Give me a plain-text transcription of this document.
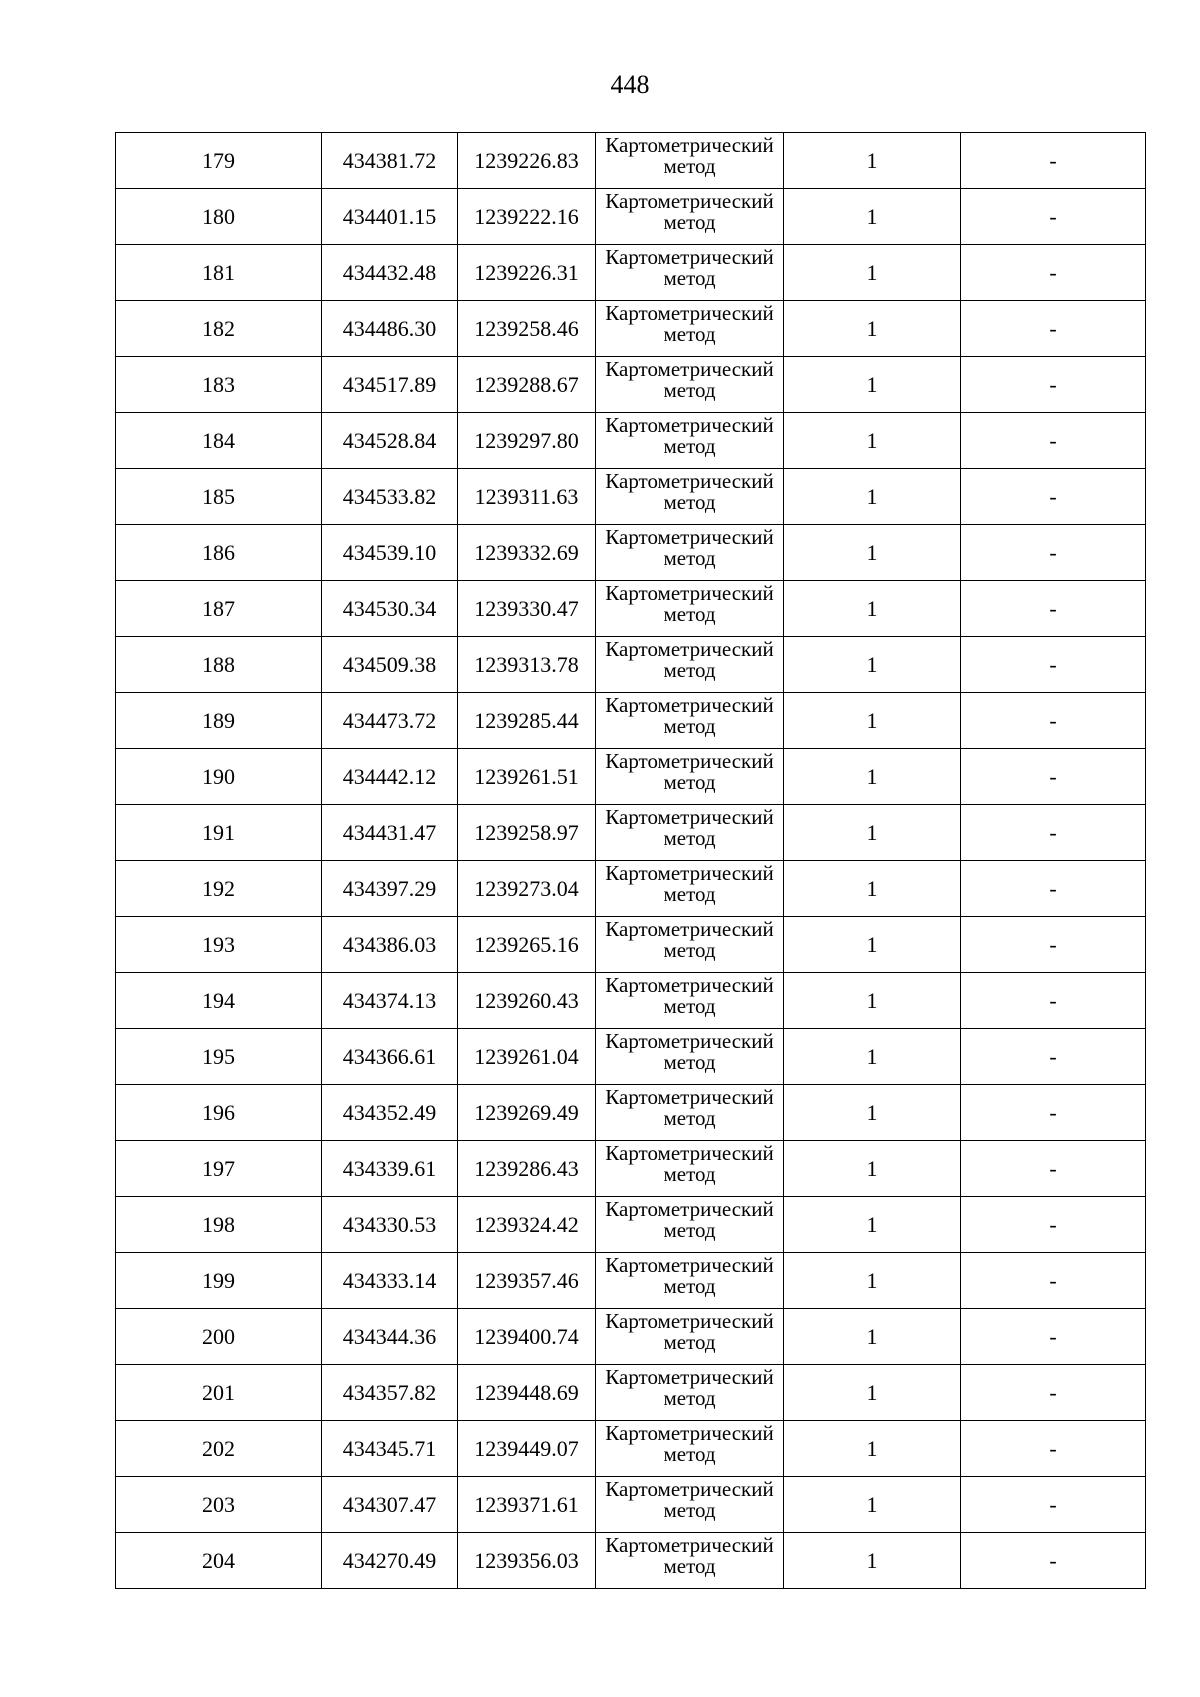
448
179	434381.72	1239226.83	Картометрический метод	1	-
180	434401.15	1239222.16	Картометрический метод	1	-
181	434432.48	1239226.31	Картометрический метод	1	-
182	434486.30	1239258.46	Картометрический метод	1	-
183	434517.89	1239288.67	Картометрический метод	1	-
184	434528.84	1239297.80	Картометрический метод	1	-
185	434533.82	1239311.63	Картометрический метод	1	-
186	434539.10	1239332.69	Картометрический метод	1	-
187	434530.34	1239330.47	Картометрический метод	1	-
188	434509.38	1239313.78	Картометрический метод	1	-
189	434473.72	1239285.44	Картометрический метод	1	-
190	434442.12	1239261.51	Картометрический метод	1	-
191	434431.47	1239258.97	Картометрический метод	1	-
192	434397.29	1239273.04	Картометрический метод	1	-
193	434386.03	1239265.16	Картометрический метод	1	-
194	434374.13	1239260.43	Картометрический метод	1	-
195	434366.61	1239261.04	Картометрический метод	1	-
196	434352.49	1239269.49	Картометрический метод	1	-
197	434339.61	1239286.43	Картометрический метод	1	-
198	434330.53	1239324.42	Картометрический метод	1	-
199	434333.14	1239357.46	Картометрический метод	1	-
200	434344.36	1239400.74	Картометрический метод	1	-
201	434357.82	1239448.69	Картометрический метод	1	-
202	434345.71	1239449.07	Картометрический метод	1	-
203	434307.47	1239371.61	Картометрический метод	1	-
204	434270.49	1239356.03	Картометрический метод	1	-
